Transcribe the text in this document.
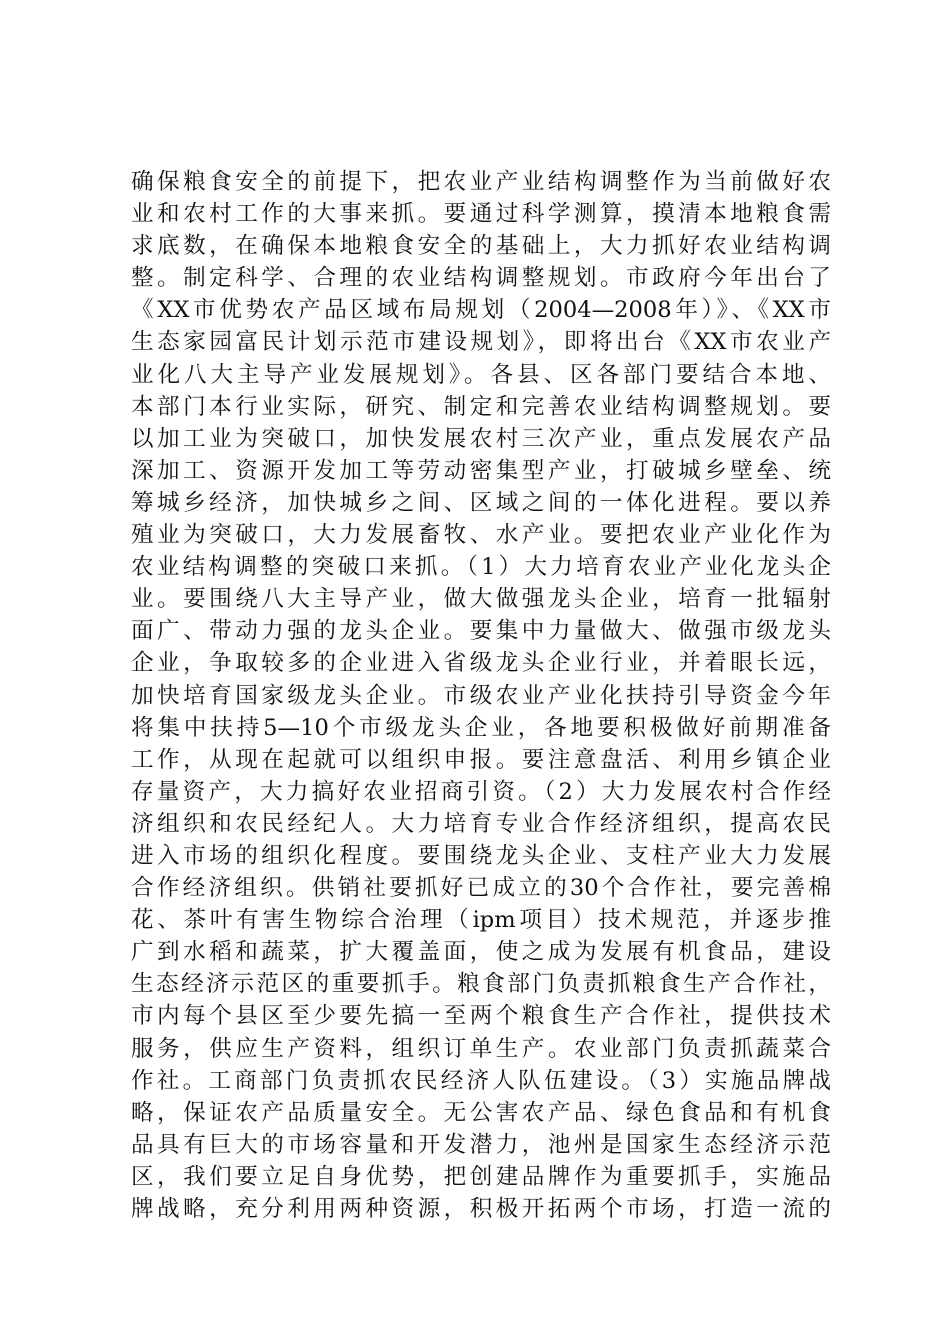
确保粮食安全的前提下，把农业产业结构调整作为当前做好农
业和农村工作的大事来抓。要通过科学测算，摸清本地粮食需
求底数，在确保本地粮食安全的基础上，大力抓好农业结构调
整。制定科学、合理的农业结构调整规划。市政府今年出台了
《XX市优势农产品区域布局规划（2004—2008年）》、《XX市
生态家园富民计划示范市建设规划》，即将出台《XX市农业产
业化八大主导产业发展规划》。各县、区各部门要结合本地、
本部门本行业实际，研究、制定和完善农业结构调整规划。要
以加工业为突破口，加快发展农村三次产业，重点发展农产品
深加工、资源开发加工等劳动密集型产业，打破城乡壁垒、统
筹城乡经济，加快城乡之间、区域之间的一体化进程。要以养
殖业为突破口，大力发展畜牧、水产业。要把农业产业化作为
农业结构调整的突破口来抓。（1）大力培育农业产业化龙头企
业。要围绕八大主导产业，做大做强龙头企业，培育一批辐射
面广、带动力强的龙头企业。要集中力量做大、做强市级龙头
企业，争取较多的企业进入省级龙头企业行业，并着眼长远，
加快培育国家级龙头企业。市级农业产业化扶持引导资金今年
将集中扶持5—10个市级龙头企业，各地要积极做好前期准备
工作，从现在起就可以组织申报。要注意盘活、利用乡镇企业
存量资产，大力搞好农业招商引资。（2）大力发展农村合作经
济组织和农民经纪人。大力培育专业合作经济组织，提高农民
进入市场的组织化程度。要围绕龙头企业、支柱产业大力发展
合作经济组织。供销社要抓好已成立的30个合作社，要完善棉
花、茶叶有害生物综合治理（ipm项目）技术规范，并逐步推
广到水稻和蔬菜，扩大覆盖面，使之成为发展有机食品，建设
生态经济示范区的重要抓手。粮食部门负责抓粮食生产合作社，
市内每个县区至少要先搞一至两个粮食生产合作社，提供技术
服务，供应生产资料，组织订单生产。农业部门负责抓蔬菜合
作社。工商部门负责抓农民经济人队伍建设。（3）实施品牌战
略，保证农产品质量安全。无公害农产品、绿色食品和有机食
品具有巨大的市场容量和开发潜力，池州是国家生态经济示范
区，我们要立足自身优势，把创建品牌作为重要抓手，实施品
牌战略，充分利用两种资源，积极开拓两个市场，打造一流的
